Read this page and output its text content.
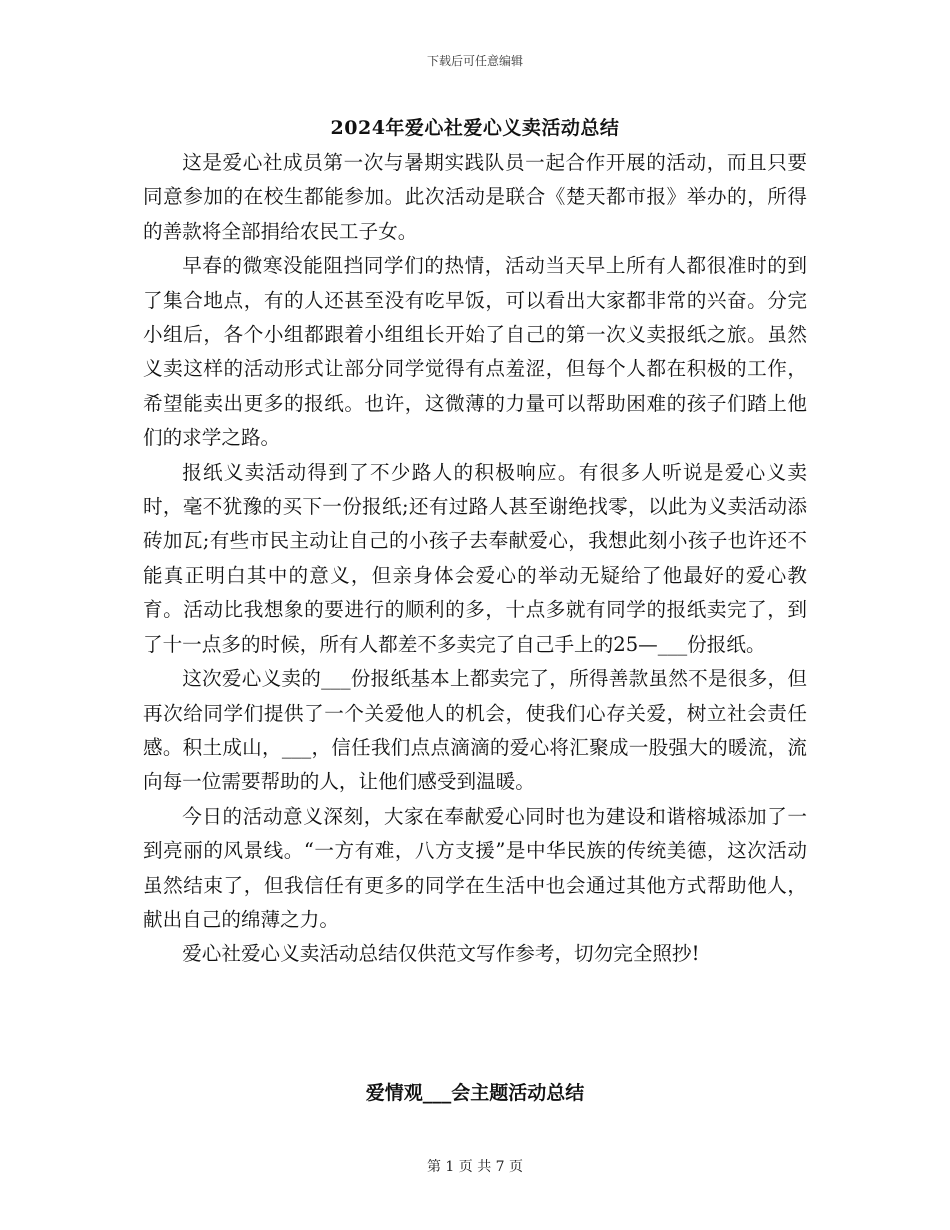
下载后可任意编辑
2024年爱心社爱心义卖活动总结

这是爱心社成员第一次与暑期实践队员一起合作开展的活动，而且只要同意参加的在校生都能参加。此次活动是联合《楚天都市报》举办的，所得的善款将全部捐给农民工子女。

早春的微寒没能阻挡同学们的热情，活动当天早上所有人都很准时的到了集合地点，有的人还甚至没有吃早饭，可以看出大家都非常的兴奋。分完小组后，各个小组都跟着小组组长开始了自己的第一次义卖报纸之旅。虽然义卖这样的活动形式让部分同学觉得有点羞涩，但每个人都在积极的工作，希望能卖出更多的报纸。也许，这微薄的力量可以帮助困难的孩子们踏上他们的求学之路。

报纸义卖活动得到了不少路人的积极响应。有很多人听说是爱心义卖时，毫不犹豫的买下一份报纸;还有过路人甚至谢绝找零，以此为义卖活动添砖加瓦;有些市民主动让自己的小孩子去奉献爱心，我想此刻小孩子也许还不能真正明白其中的意义，但亲身体会爱心的举动无疑给了他最好的爱心教育。活动比我想象的要进行的顺利的多，十点多就有同学的报纸卖完了，到了十一点多的时候，所有人都差不多卖完了自己手上的25—___份报纸。

这次爱心义卖的___份报纸基本上都卖完了，所得善款虽然不是很多，但再次给同学们提供了一个关爱他人的机会，使我们心存关爱，树立社会责任感。积土成山，___，信任我们点点滴滴的爱心将汇聚成一股强大的暖流，流向每一位需要帮助的人，让他们感受到温暖。

今日的活动意义深刻，大家在奉献爱心同时也为建设和谐榕城添加了一到亮丽的风景线。“一方有难，八方支援”是中华民族的传统美德，这次活动虽然结束了，但我信任有更多的同学在生活中也会通过其他方式帮助他人，献出自己的绵薄之力。

爱心社爱心义卖活动总结仅供范文写作参考，切勿完全照抄!

爱情观___会主题活动总结
第 1 页 共 7 页
